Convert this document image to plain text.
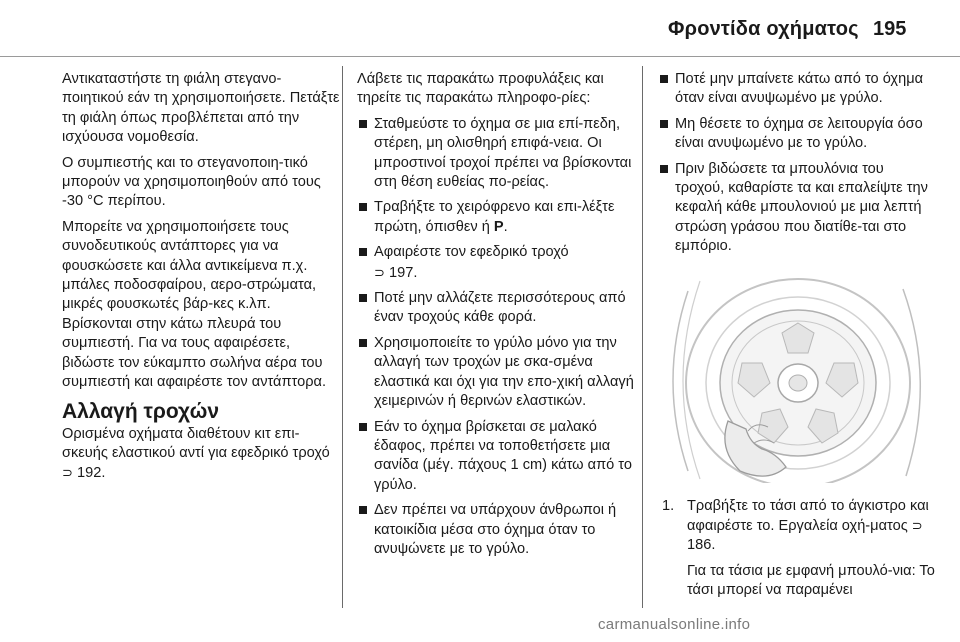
Φροντίδα οχήματος 195

Αντικαταστήστε τη φιάλη στεγανο-ποιητικού εάν τη χρησιμοποιήσετε. Πετάξτε τη φιάλη όπως προβλέπεται από την ισχύουσα νομοθεσία.

Ο συμπιεστής και το στεγανοποιη-τικό μπορούν να χρησιμοποιηθούν από τους -30 °C περίπου.

Μπορείτε να χρησιμοποιήσετε τους συνοδευτικούς αντάπτορες για να φουσκώσετε και άλλα αντικείμενα π.χ. μπάλες ποδοσφαίρου, αερο-στρώματα, μικρές φουσκωτές βάρ-κες κ.λπ. Βρίσκονται στην κάτω πλευρά του συμπιεστή. Για να τους αφαιρέσετε, βιδώστε τον εύκαμπτο σωλήνα αέρα του συμπιεστή και αφαιρέστε τον αντάπτορα.

Αλλαγή τροχών

Ορισμένα οχήματα διαθέτουν κιτ επι-σκευής ελαστικού αντί για εφεδρικό τροχό ⊃ 192.

Λάβετε τις παρακάτω προφυλάξεις και τηρείτε τις παρακάτω πληροφο-ρίες:

Σταθμεύστε το όχημα σε μια επί-πεδη, στέρεη, μη ολισθηρή επιφά-νεια. Οι μπροστινοί τροχοί πρέπει να βρίσκονται στη θέση ευθείας πο-ρείας.
Τραβήξτε το χειρόφρενο και επι-λέξτε πρώτη, όπισθεν ή P.
Αφαιρέστε τον εφεδρικό τροχό
⊃ 197.
Ποτέ μην αλλάζετε περισσότερους από έναν τροχούς κάθε φορά.
Χρησιμοποιείτε το γρύλο μόνο για την αλλαγή των τροχών με σκα-σμένα ελαστικά και όχι για την επο-χική αλλαγή χειμερινών ή θερινών ελαστικών.
Εάν το όχημα βρίσκεται σε μαλακό έδαφος, πρέπει να τοποθετήσετε μια σανίδα (μέγ. πάχους 1 cm) κάτω από το γρύλο.
Δεν πρέπει να υπάρχουν άνθρωποι ή κατοικίδια μέσα στο όχημα όταν το ανυψώνετε με το γρύλο.
Ποτέ μην μπαίνετε κάτω από το όχημα όταν είναι ανυψωμένο με γρύλο.
Μη θέσετε το όχημα σε λειτουργία όσο είναι ανυψωμένο με το γρύλο.
Πριν βιδώσετε τα μπουλόνια του τροχού, καθαρίστε τα και επαλείψτε την κεφαλή κάθε μπουλονιού με μια λεπτή στρώση γράσου που διατίθε-ται στο εμπόριο.
1. Τραβήξτε το τάσι από το άγκιστρο και αφαιρέστε το. Εργαλεία οχή-ματος ⊃ 186.

Για τα τάσια με εμφανή μπουλό-νια: Το τάσι μπορεί να παραμένει

carmanualsonline.info
